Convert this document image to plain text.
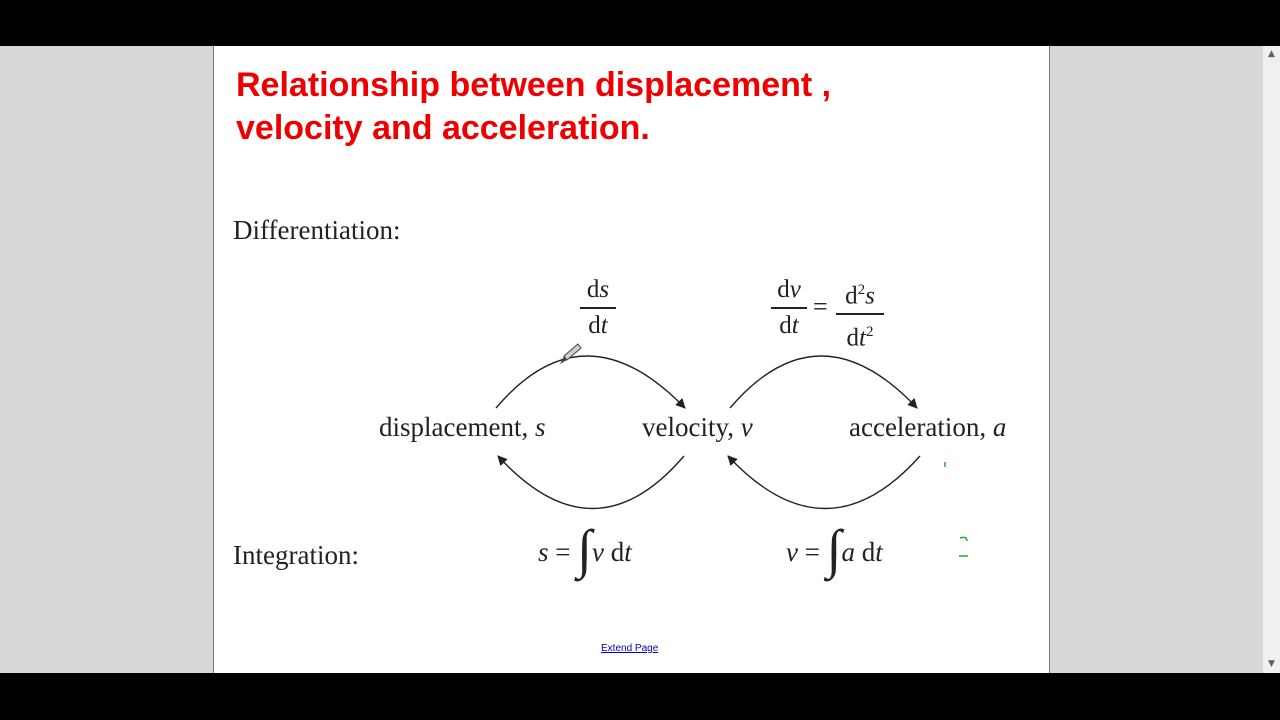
Relationship between displacement ,
velocity and acceleration.
Differentiation:
ds
dt
dv
dt
= $d^2s$
$dt^2$
displacement, s	velocity, v	acceleration, a
Integration:	s = ∫v dt	v = ∫a dt
Extend Page
▲
▼
